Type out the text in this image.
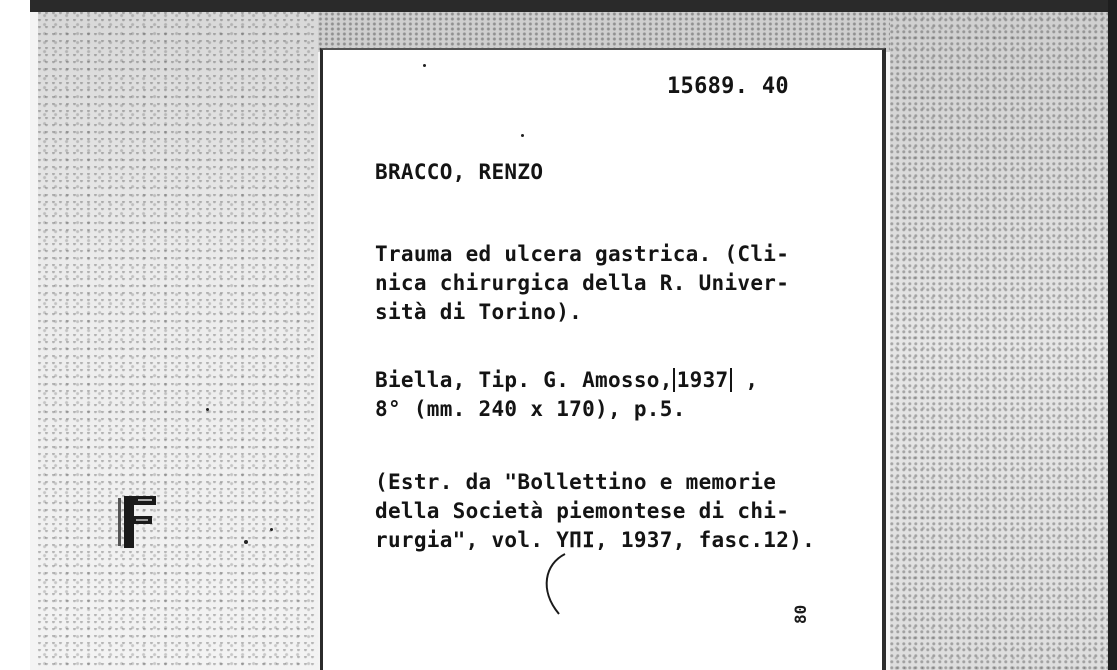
15689. 40
BRACCO, RENZO
Trauma ed ulcera gastrica. (Cli-
nica chirurgica della R. Univer-
sità di Torino).
Biella, Tip. G. Amosso, 1937 ,
8° (mm. 240 x 170), p.5.
(Estr. da "Bollettino e memorie
della Società piemontese di chi-
rurgia", vol. ΥΠΙ, 1937, fasc.12).
80
